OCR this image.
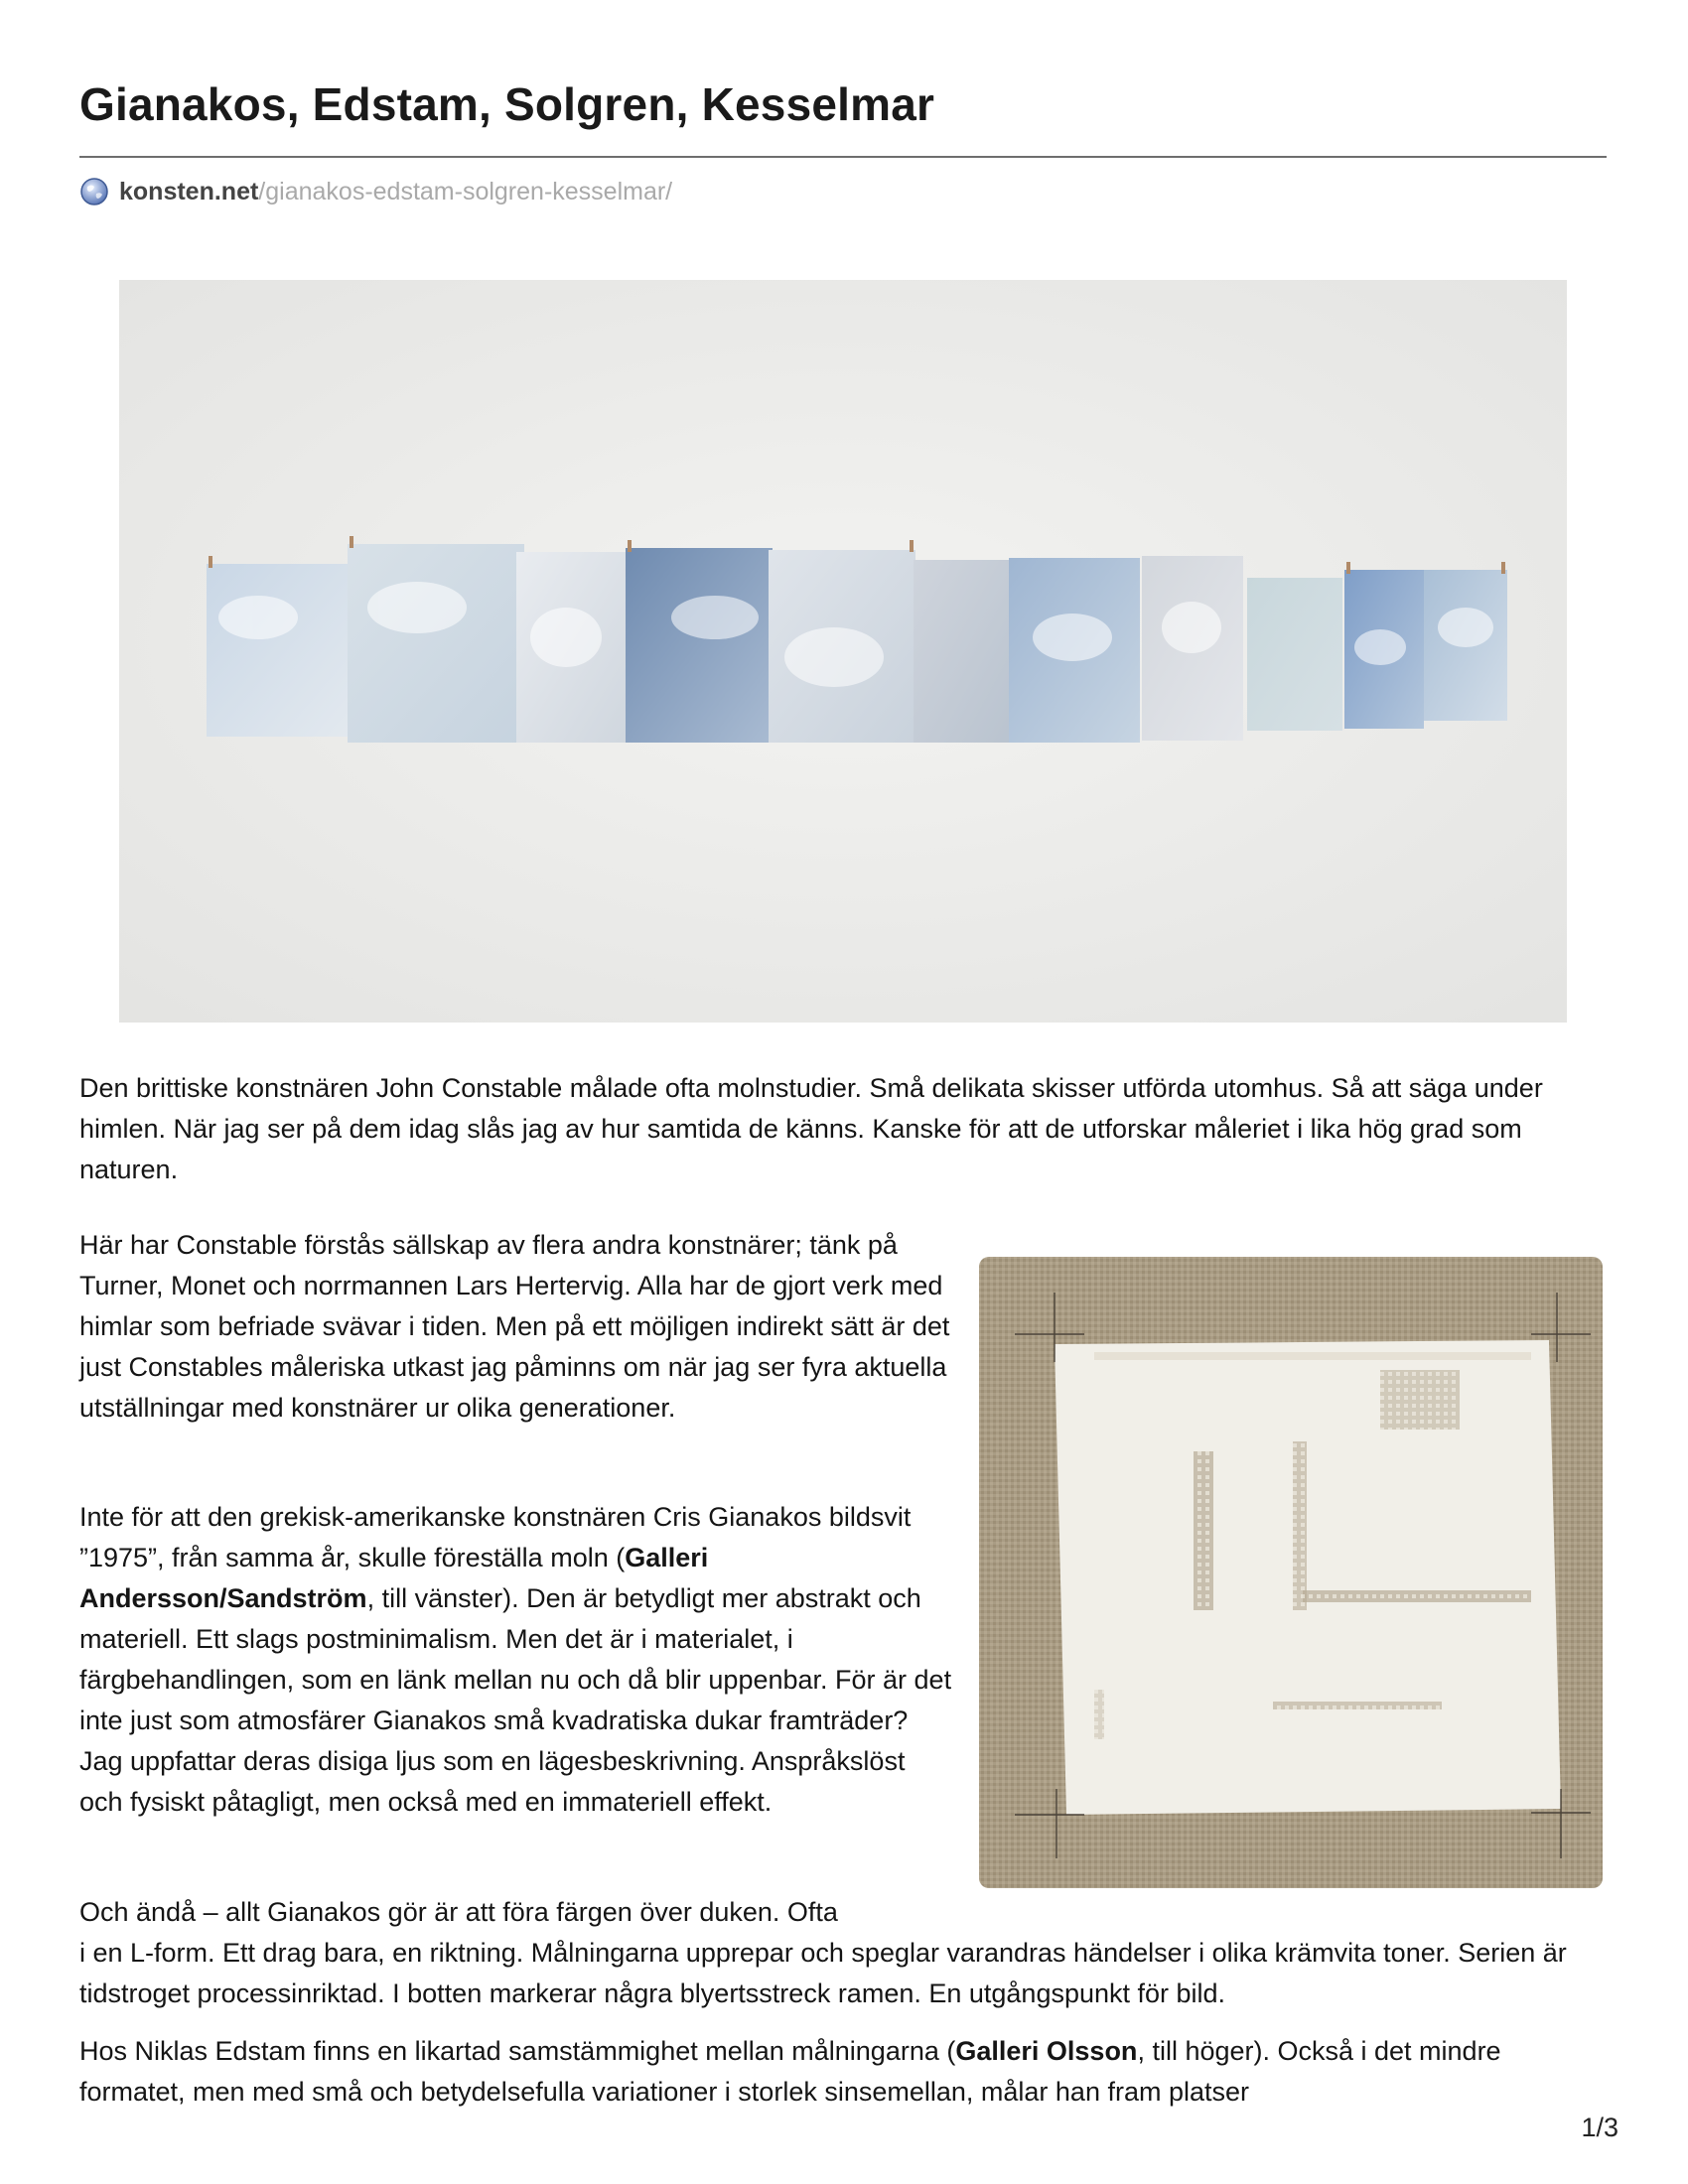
Gianakos, Edstam, Solgren, Kesselmar
konsten.net /gianakos-edstam-solgren-kesselmar/

Den brittiske konstnären John Constable målade ofta molnstudier. Små delikata skisser utförda utomhus. Så att säga under himlen. När jag ser på dem idag slås jag av hur samtida de känns. Kanske för att de utforskar måleriet i lika hög grad som naturen.

Här har Constable förstås sällskap av flera andra konstnärer; tänk på Turner, Monet och norrmannen Lars Hertervig. Alla har de gjort verk med himlar som befriade svävar i tiden. Men på ett möjligen indirekt sätt är det just Constables måleriska utkast jag påminns om när jag ser fyra aktuella utställningar med konstnärer ur olika generationer.

Inte för att den grekisk-amerikanske konstnären Cris Gianakos bildsvit ”1975”, från samma år, skulle föreställa moln (Galleri Andersson/Sandström, till vänster). Den är betydligt mer abstrakt och materiell. Ett slags postminimalism. Men det är i materialet, i färgbehandlingen, som en länk mellan nu och då blir uppenbar. För är det inte just som atmosfärer Gianakos små kvadratiska dukar framträder? Jag uppfattar deras disiga ljus som en lägesbeskrivning. Anspråkslöst och fysiskt påtagligt, men också med en immateriell effekt.

Och ändå – allt Gianakos gör är att föra färgen över duken. Ofta
i en L-form. Ett drag bara, en riktning. Målningarna upprepar och speglar varandras händelser i olika krämvita toner. Serien är tidstroget processinriktad. I botten markerar några blyertsstreck ramen. En utgångspunkt för bild.

Hos Niklas Edstam finns en likartad samstämmighet mellan målningarna (Galleri Olsson, till höger). Också i det mindre formatet, men med små och betydelsefulla variationer i storlek sinsemellan, målar han fram platser

1/3
